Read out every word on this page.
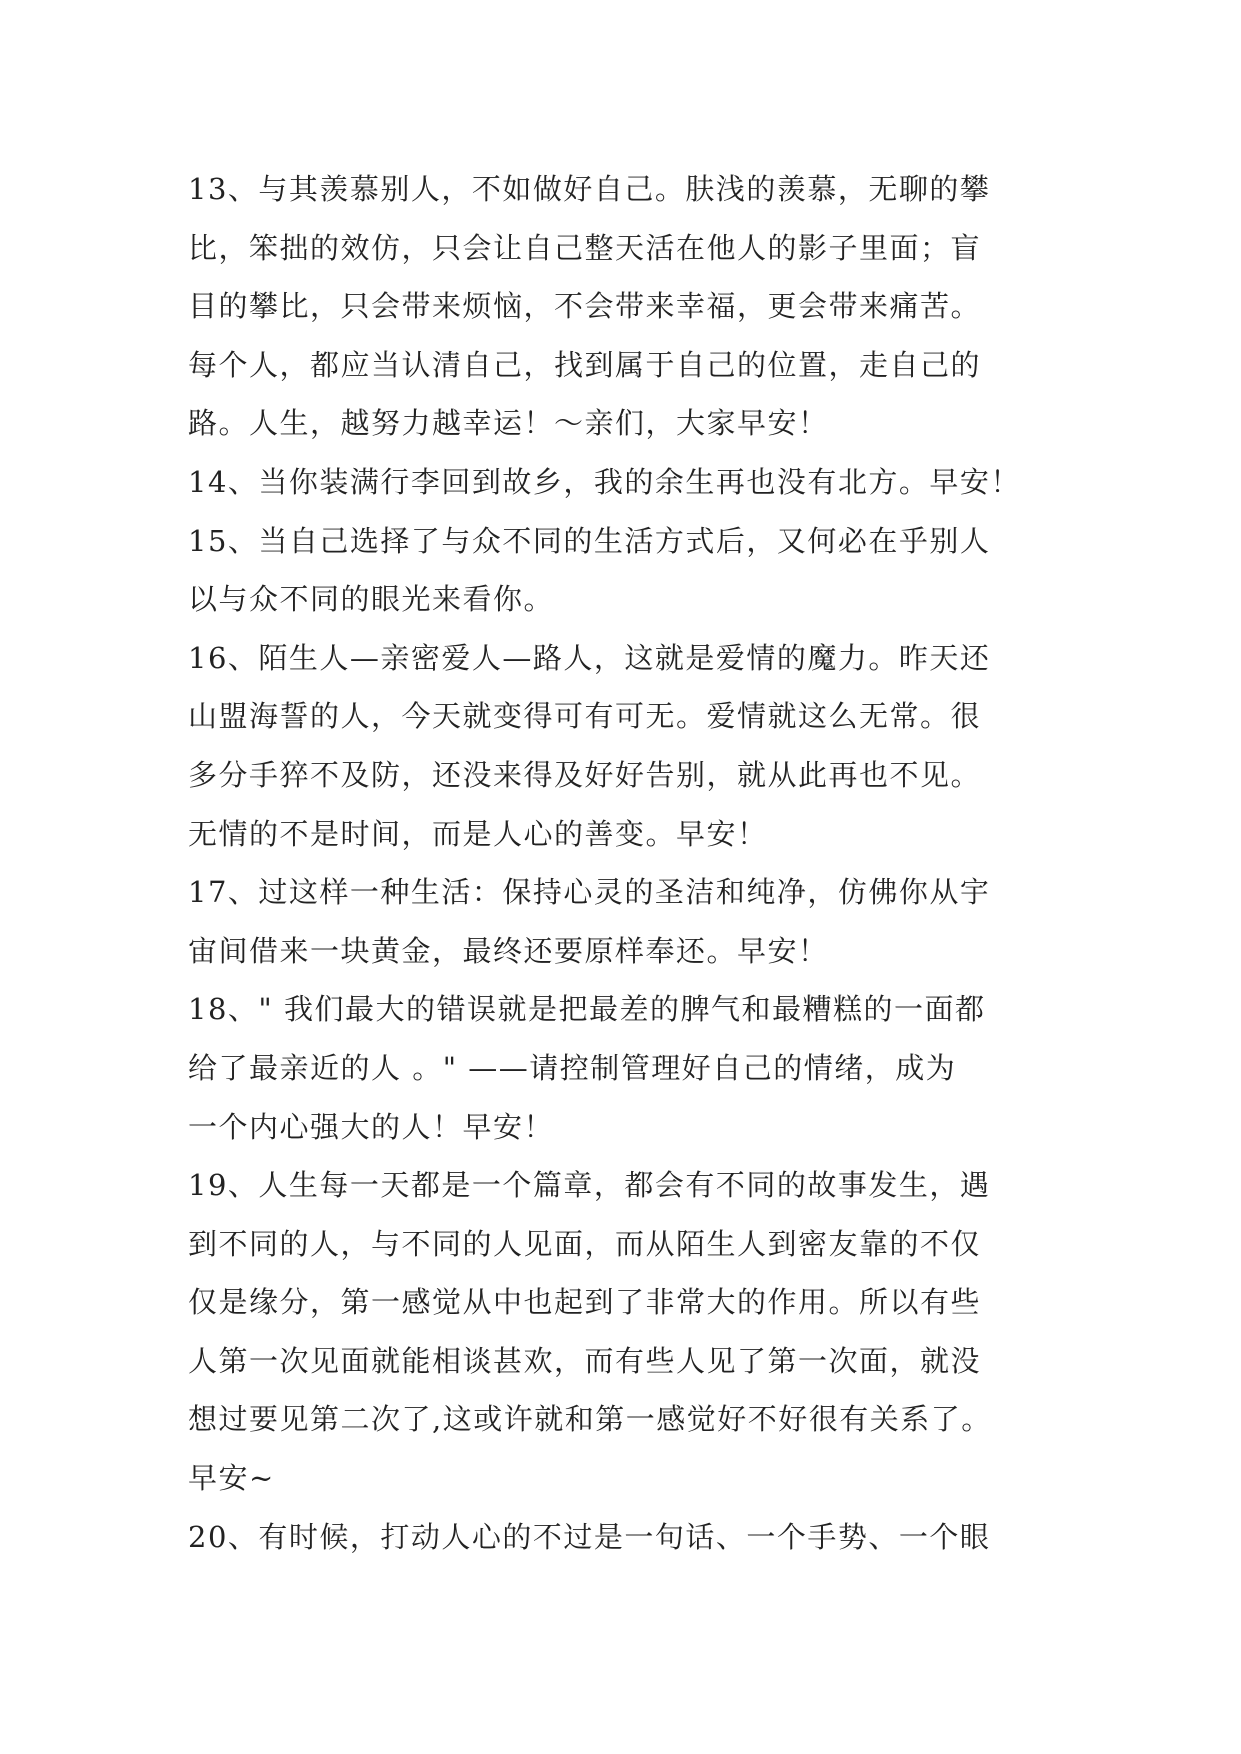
13、与其羡慕别人，不如做好自己。肤浅的羡慕，无聊的攀
比，笨拙的效仿，只会让自己整天活在他人的影子里面；盲
目的攀比，只会带来烦恼，不会带来幸福，更会带来痛苦。
每个人，都应当认清自己，找到属于自己的位置，走自己的
路。人生，越努力越幸运！～亲们，大家早安！
14、当你装满行李回到故乡，我的余生再也没有北方。早安！
15、当自己选择了与众不同的生活方式后，又何必在乎别人
以与众不同的眼光来看你。
16、陌生人—亲密爱人—路人，这就是爱情的魔力。昨天还
山盟海誓的人，今天就变得可有可无。爱情就这么无常。很
多分手猝不及防，还没来得及好好告别，就从此再也不见。
无情的不是时间，而是人心的善变。早安！
17、过这样一种生活：保持心灵的圣洁和纯净，仿佛你从宇
宙间借来一块黄金，最终还要原样奉还。早安！
18、" 我们最大的错误就是把最差的脾气和最糟糕的一面都
给了最亲近的人 。" ——请控制管理好自己的情绪，成为
一个内心强大的人！早安！
19、人生每一天都是一个篇章，都会有不同的故事发生，遇
到不同的人，与不同的人见面，而从陌生人到密友靠的不仅
仅是缘分，第一感觉从中也起到了非常大的作用。所以有些
人第一次见面就能相谈甚欢，而有些人见了第一次面，就没
想过要见第二次了,这或许就和第一感觉好不好很有关系了。
早安~
20、有时候，打动人心的不过是一句话、一个手势、一个眼
